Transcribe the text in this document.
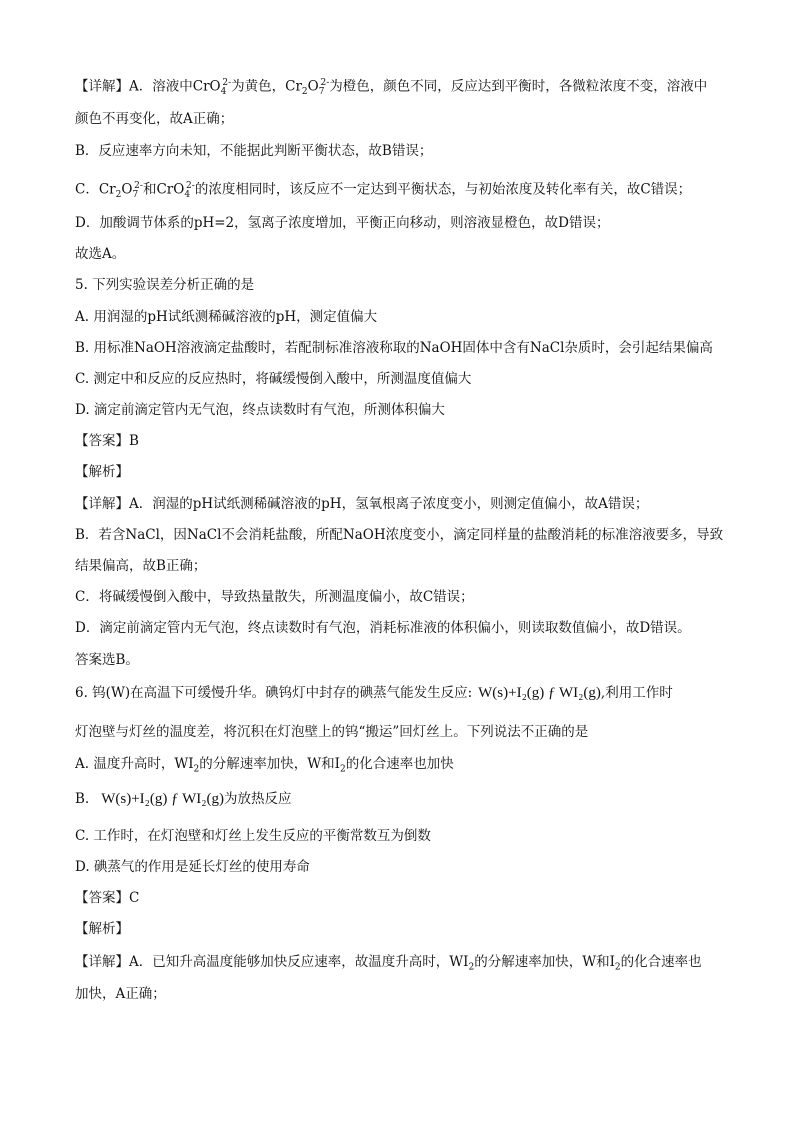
【详解】A．溶液中CrO$_4^{2-}$为黄色，$Cr_2O_7^{2-}$为橙色，颜色不同，反应达到平衡时，各微粒浓度不变，溶液中
颜色不再变化，故A正确；
B．反应速率方向未知，不能据此判断平衡状态，故B错误；
C．$Cr_2O_7^{2-}$和CrO$_4^{2-}$的浓度相同时，该反应不一定达到平衡状态，与初始浓度及转化率有关，故C错误；
D．加酸调节体系的pH=2，氢离子浓度增加，平衡正向移动，则溶液显橙色，故D错误；
故选A。
5. 下列实验误差分析正确的是
A. 用润湿的pH试纸测稀碱溶液的pH，测定值偏大
B. 用标准NaOH溶液滴定盐酸时，若配制标准溶液称取的NaOH固体中含有NaCl杂质时，会引起结果偏高
C. 测定中和反应的反应热时，将碱缓慢倒入酸中，所测温度值偏大
D. 滴定前滴定管内无气泡，终点读数时有气泡，所测体积偏大
【答案】B
【解析】
【详解】A．润湿的pH试纸测稀碱溶液的pH，氢氧根离子浓度变小，则测定值偏小，故A错误；
B．若含NaCl，因NaCl不会消耗盐酸，所配NaOH浓度变小，滴定同样量的盐酸消耗的标准溶液要多，导致
结果偏高，故B正确；
C．将碱缓慢倒入酸中，导致热量散失，所测温度偏小，故C错误；
D．滴定前滴定管内无气泡，终点读数时有气泡，消耗标准液的体积偏小，则读取数值偏小，故D错误。
答案选B。
6. 钨(W)在高温下可缓慢升华。碘钨灯中封存的碘蒸气能发生反应: W(s)+I₂(g) ƒ WI₂(g),利用工作时
灯泡壁与灯丝的温度差，将沉积在灯泡壁上的钨“搬运”回灯丝上。下列说法不正确的是
A. 温度升高时，$WI_2$的分解速率加快，W和$I_2$的化合速率也加快
B. W(s)+I₂(g) ƒ WI₂(g)为放热反应
C. 工作时，在灯泡壁和灯丝上发生反应的平衡常数互为倒数
D. 碘蒸气的作用是延长灯丝的使用寿命
【答案】C
【解析】
【详解】A．已知升高温度能够加快反应速率，故温度升高时，$WI_2$的分解速率加快，W和$I_2$的化合速率也
加快，A正确；
